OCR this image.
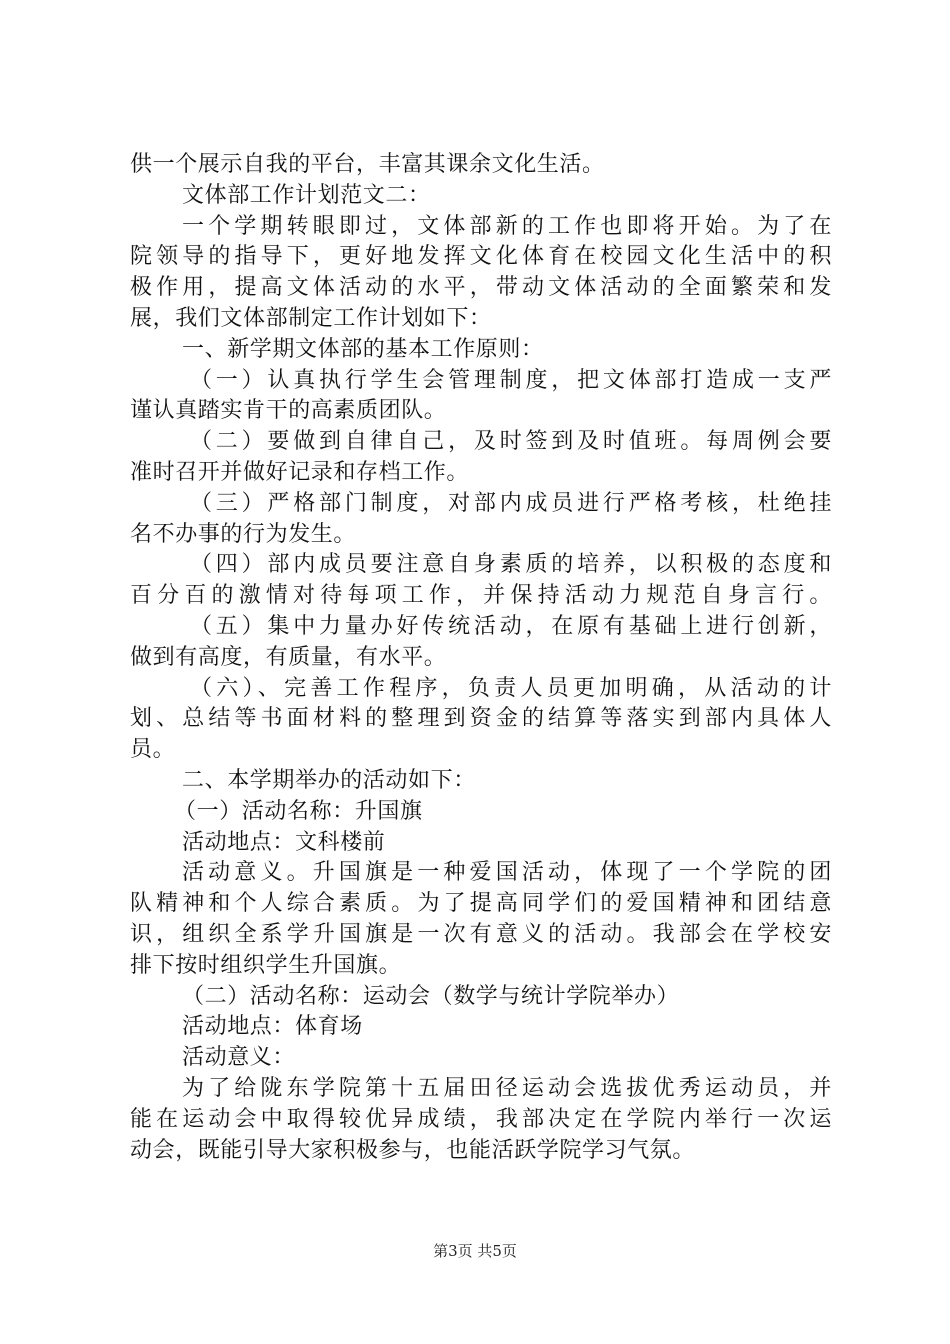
供一个展示自我的平台，丰富其课余文化生活。
文体部工作计划范文二：
一个学期转眼即过，文体部新的工作也即将开始。为了在
院领导的指导下，更好地发挥文化体育在校园文化生活中的积
极作用，提高文体活动的水平，带动文体活动的全面繁荣和发
展，我们文体部制定工作计划如下：
一、新学期文体部的基本工作原则：
（一）认真执行学生会管理制度，把文体部打造成一支严
谨认真踏实肯干的高素质团队。
（二）要做到自律自己，及时签到及时值班。每周例会要
准时召开并做好记录和存档工作。
（三）严格部门制度，对部内成员进行严格考核，杜绝挂
名不办事的行为发生。
（四）部内成员要注意自身素质的培养，以积极的态度和
百分百的激情对待每项工作，并保持活动力规范自身言行。
（五）集中力量办好传统活动，在原有基础上进行创新，
做到有高度，有质量，有水平。
（六）、完善工作程序，负责人员更加明确，从活动的计
划、总结等书面材料的整理到资金的结算等落实到部内具体人
员。
二、本学期举办的活动如下：
（一）活动名称：升国旗
活动地点：文科楼前
活动意义。升国旗是一种爱国活动，体现了一个学院的团
队精神和个人综合素质。为了提高同学们的爱国精神和团结意
识，组织全系学升国旗是一次有意义的活动。我部会在学校安
排下按时组织学生升国旗。
（二）活动名称：运动会（数学与统计学院举办）
活动地点：体育场
活动意义：
为了给陇东学院第十五届田径运动会选拔优秀运动员，并
能在运动会中取得较优异成绩，我部决定在学院内举行一次运
动会，既能引导大家积极参与，也能活跃学院学习气氛。
第3页 共5页
